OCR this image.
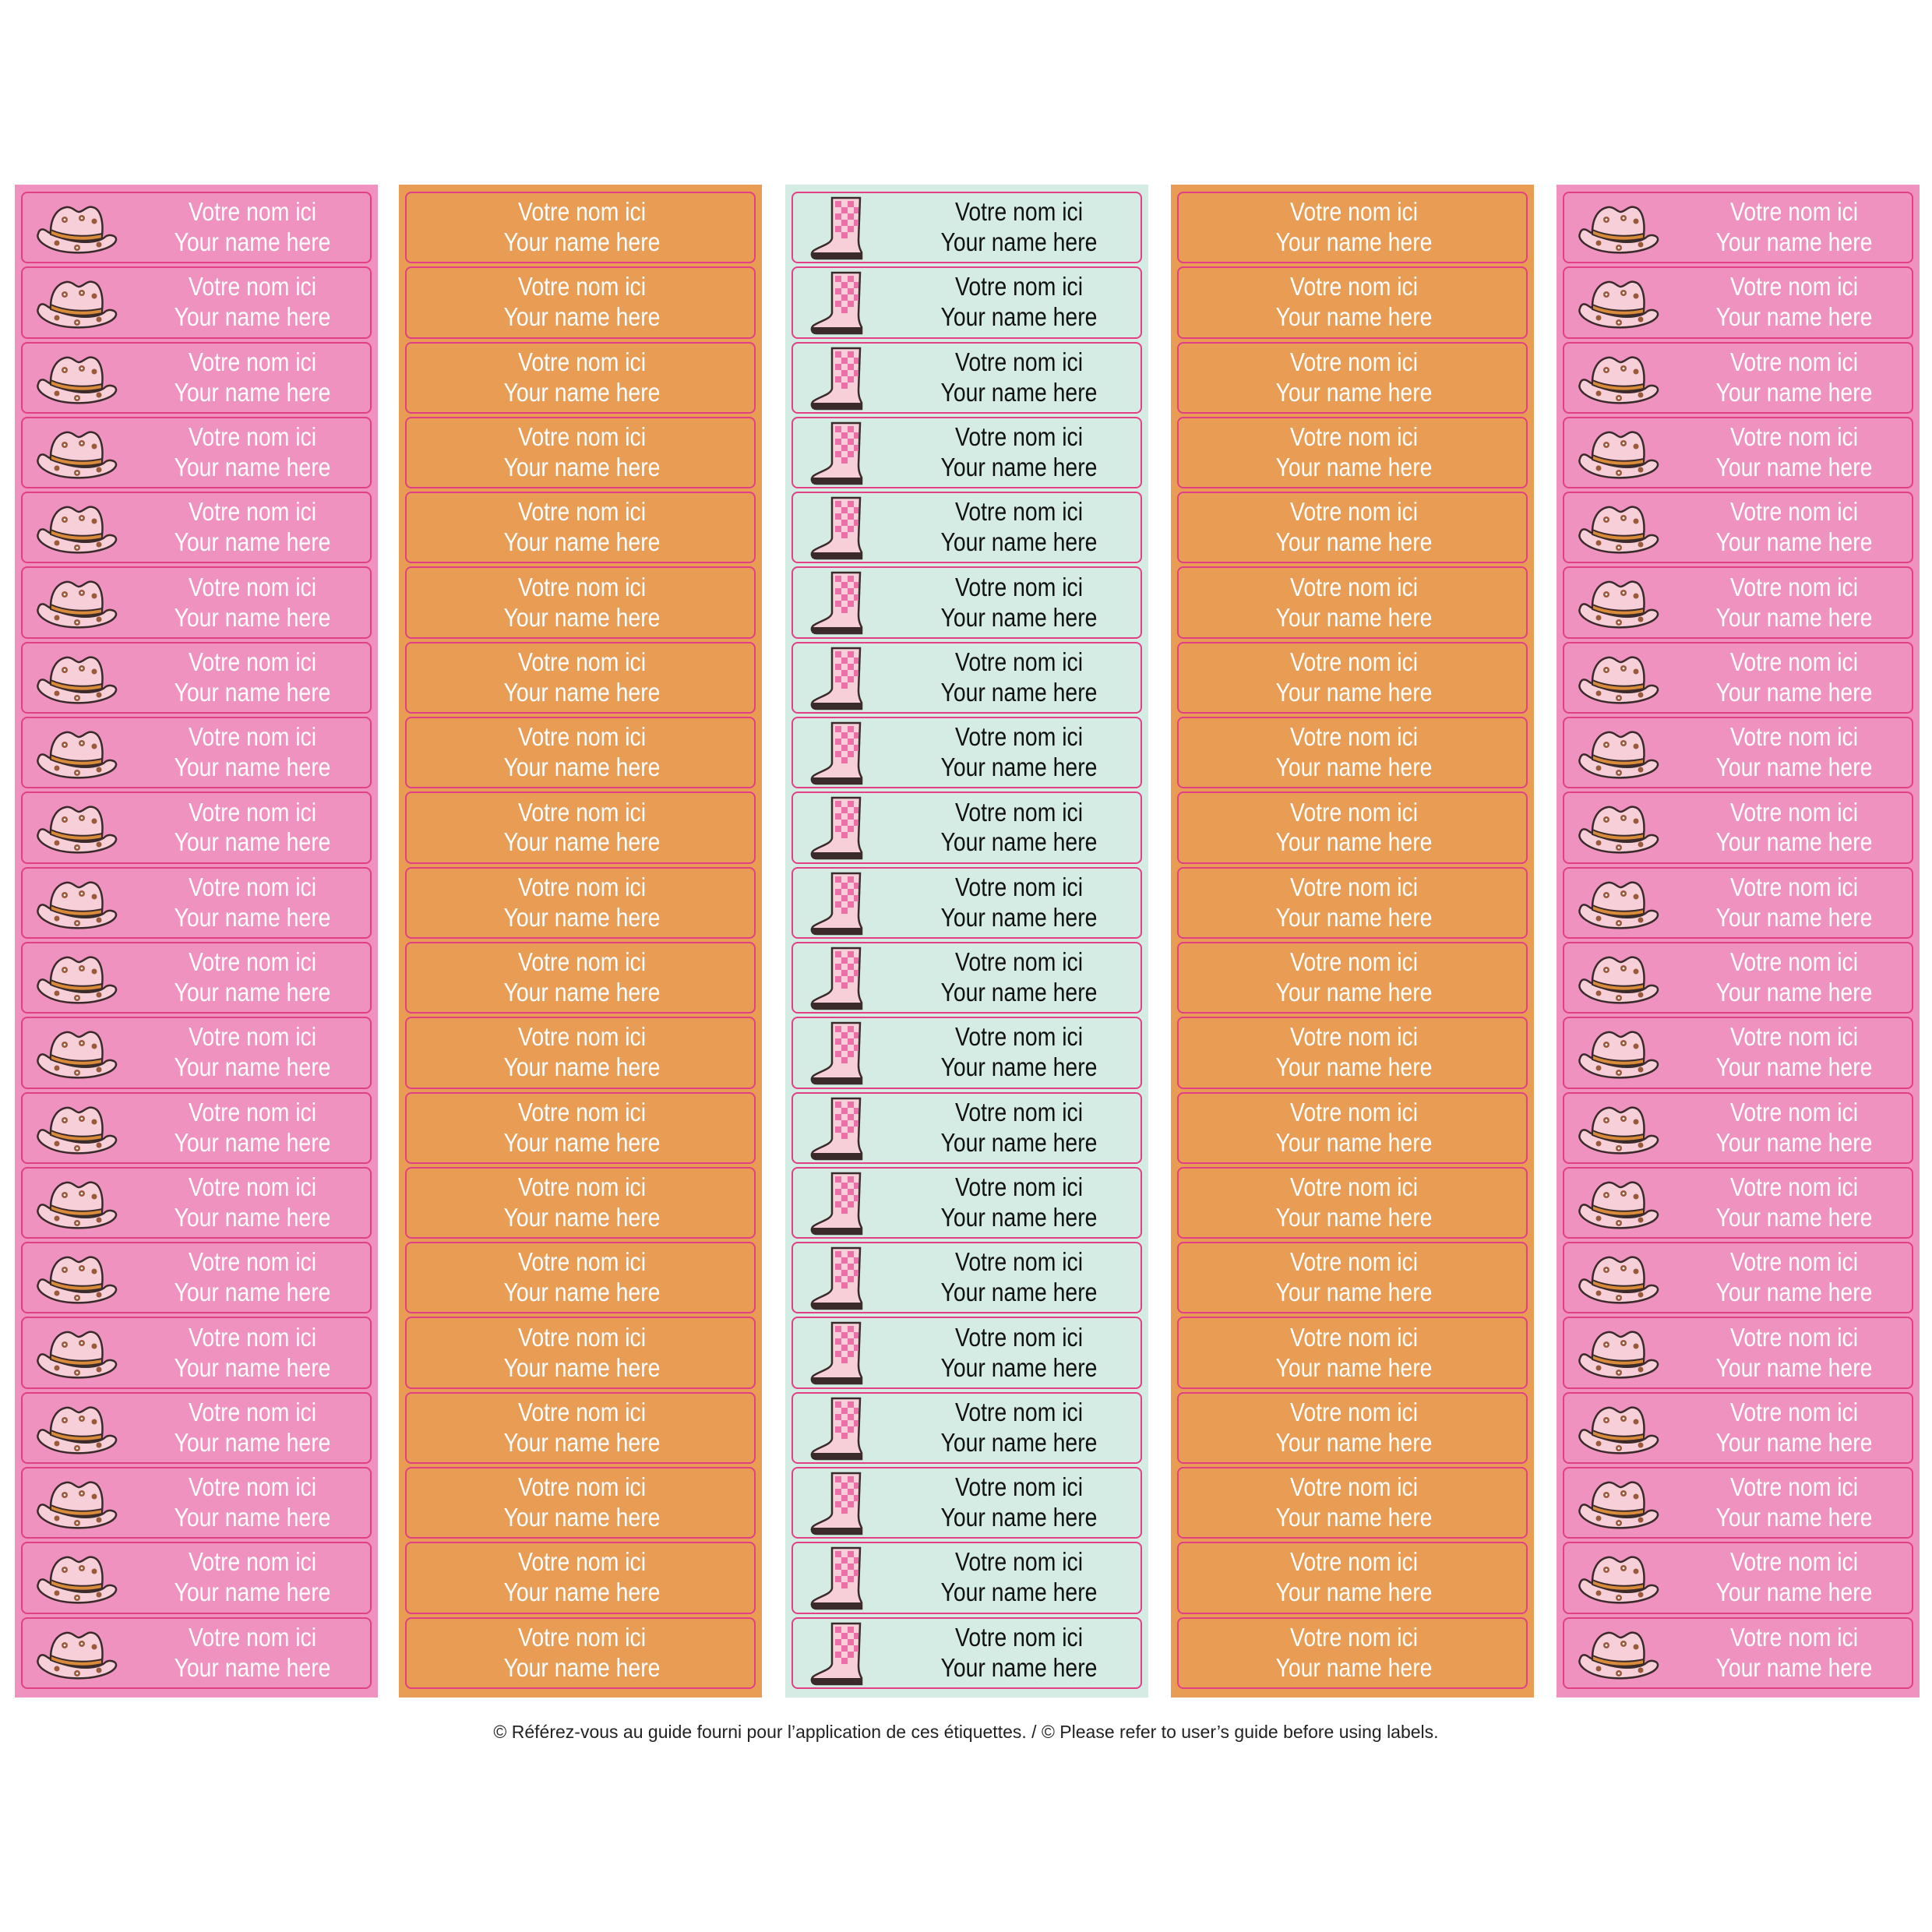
Votre nom ici
Your name here
Votre nom ici
Your name here
Votre nom ici
Your name here
Votre nom ici
Your name here
Votre nom ici
Your name here
Votre nom ici
Your name here
Votre nom ici
Your name here
Votre nom ici
Your name here
Votre nom ici
Your name here
Votre nom ici
Your name here
Votre nom ici
Your name here
Votre nom ici
Your name here
Votre nom ici
Your name here
Votre nom ici
Your name here
Votre nom ici
Your name here
Votre nom ici
Your name here
Votre nom ici
Your name here
Votre nom ici
Your name here
Votre nom ici
Your name here
Votre nom ici
Your name here
Votre nom ici
Your name here
Votre nom ici
Your name here
Votre nom ici
Your name here
Votre nom ici
Your name here
Votre nom ici
Your name here
Votre nom ici
Your name here
Votre nom ici
Your name here
Votre nom ici
Your name here
Votre nom ici
Your name here
Votre nom ici
Your name here
Votre nom ici
Your name here
Votre nom ici
Your name here
Votre nom ici
Your name here
Votre nom ici
Your name here
Votre nom ici
Your name here
Votre nom ici
Your name here
Votre nom ici
Your name here
Votre nom ici
Your name here
Votre nom ici
Your name here
Votre nom ici
Your name here
Votre nom ici
Your name here
Votre nom ici
Your name here
Votre nom ici
Your name here
Votre nom ici
Your name here
Votre nom ici
Your name here
Votre nom ici
Your name here
Votre nom ici
Your name here
Votre nom ici
Your name here
Votre nom ici
Your name here
Votre nom ici
Your name here
Votre nom ici
Your name here
Votre nom ici
Your name here
Votre nom ici
Your name here
Votre nom ici
Your name here
Votre nom ici
Your name here
Votre nom ici
Your name here
Votre nom ici
Your name here
Votre nom ici
Your name here
Votre nom ici
Your name here
Votre nom ici
Your name here
Votre nom ici
Your name here
Votre nom ici
Your name here
Votre nom ici
Your name here
Votre nom ici
Your name here
Votre nom ici
Your name here
Votre nom ici
Your name here
Votre nom ici
Your name here
Votre nom ici
Your name here
Votre nom ici
Your name here
Votre nom ici
Your name here
Votre nom ici
Your name here
Votre nom ici
Your name here
Votre nom ici
Your name here
Votre nom ici
Your name here
Votre nom ici
Your name here
Votre nom ici
Your name here
Votre nom ici
Your name here
Votre nom ici
Your name here
Votre nom ici
Your name here
Votre nom ici
Your name here
Votre nom ici
Your name here
Votre nom ici
Your name here
Votre nom ici
Your name here
Votre nom ici
Your name here
Votre nom ici
Your name here
Votre nom ici
Your name here
Votre nom ici
Your name here
Votre nom ici
Your name here
Votre nom ici
Your name here
Votre nom ici
Your name here
Votre nom ici
Your name here
Votre nom ici
Your name here
Votre nom ici
Your name here
Votre nom ici
Your name here
Votre nom ici
Your name here
Votre nom ici
Your name here
Votre nom ici
Your name here
Votre nom ici
Your name here
Votre nom ici
Your name here
Votre nom ici
Your name here
© Référez-vous au guide fourni pour l’application de ces étiquettes. / © Please refer to user’s guide before using labels.
